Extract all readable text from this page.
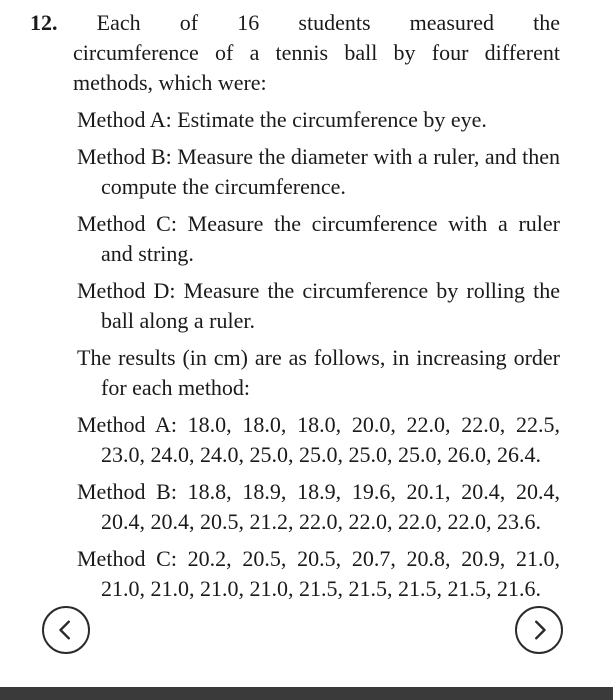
12. Each of 16 students measured the

circumference of a tennis ball by four different

methods, which were:

Method A: Estimate the circumference by eye.

Method B: Measure the diameter with a ruler, and then compute the circumference.

Method C: Measure the circumference with a ruler and string.

Method D: Measure the circumference by rolling the ball along a ruler.

The results (in cm) are as follows, in increasing order for each method:

Method A: 18.0, 18.0, 18.0, 20.0, 22.0, 22.0, 22.5, 23.0, 24.0, 24.0, 25.0, 25.0, 25.0, 25.0, 26.0, 26.4.

Method B: 18.8, 18.9, 18.9, 19.6, 20.1, 20.4, 20.4, 20.4, 20.4, 20.5, 21.2, 22.0, 22.0, 22.0, 22.0, 23.6.

Method C: 20.2, 20.5, 20.5, 20.7, 20.8, 20.9, 21.0, 21.0, 21.0, 21.0, 21.0, 21.5, 21.5, 21.5, 21.5, 21.6.
